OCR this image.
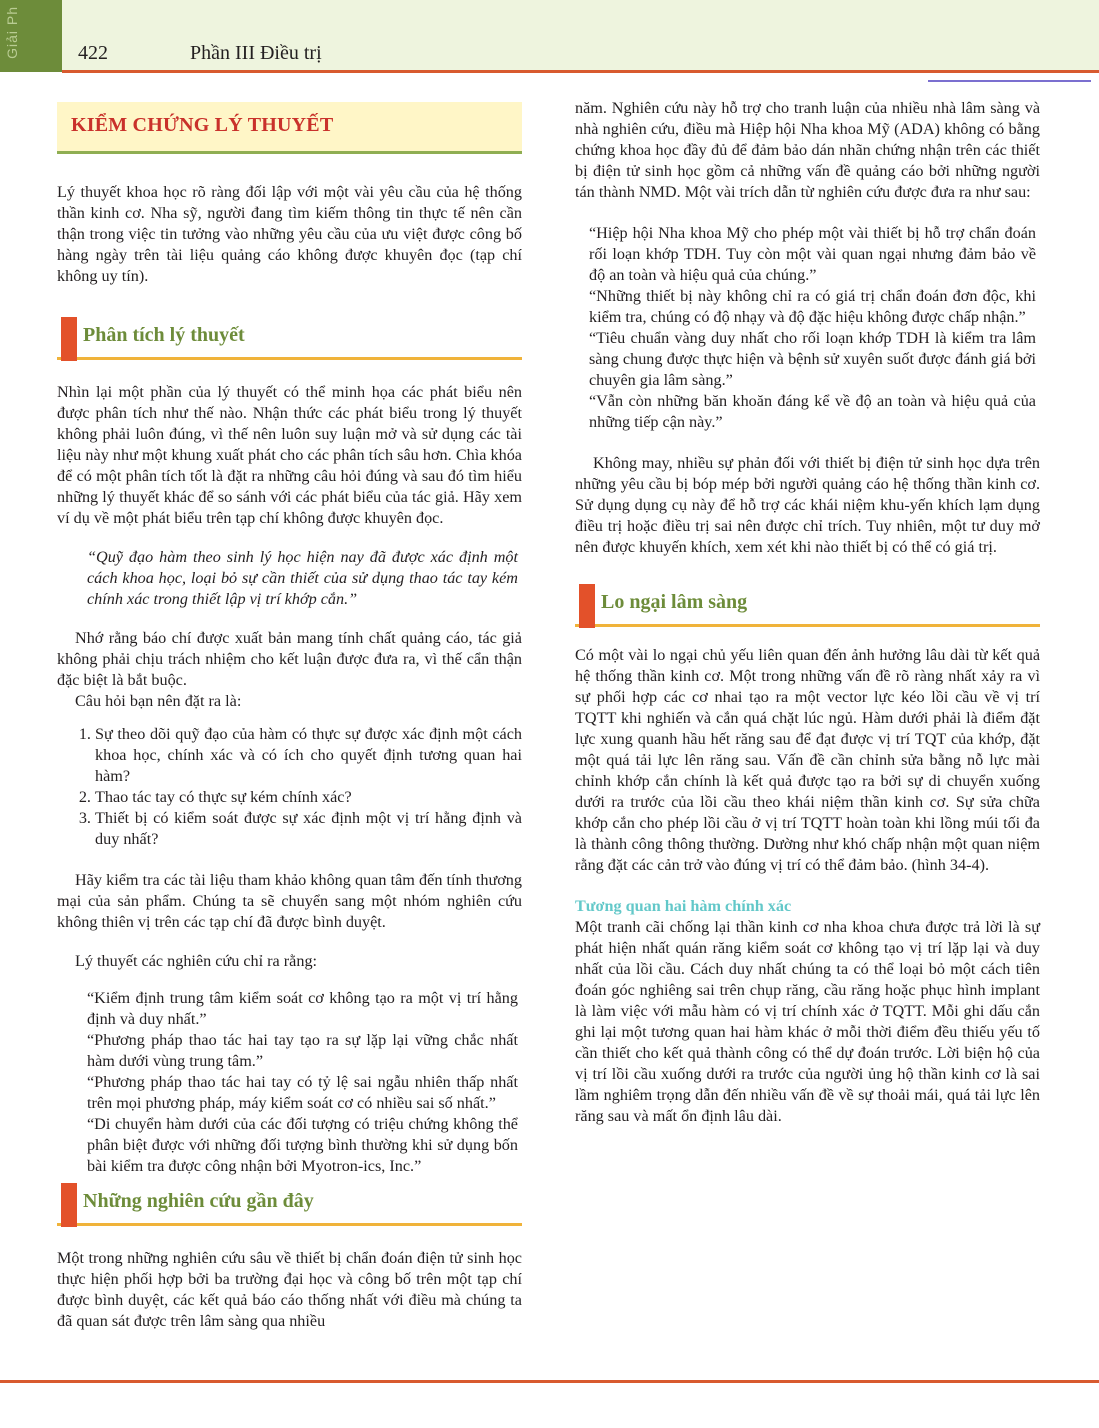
Giải Ph	422	Phần III Điều trị
KIỂM CHỨNG LÝ THUYẾT

Lý thuyết khoa học rõ ràng đối lập với một vài yêu cầu của hệ thống thần kinh cơ. Nha sỹ, người đang tìm kiếm thông tin thực tế nên cần thận trong việc tin tưởng vào những yêu cầu của ưu việt được công bố hàng ngày trên tài liệu quảng cáo không được khuyên đọc (tạp chí không uy tín).

Phân tích lý thuyết

Nhìn lại một phần của lý thuyết có thể minh họa các phát biểu nên được phân tích như thế nào. Nhận thức các phát biểu trong lý thuyết không phải luôn đúng, vì thế nên luôn suy luận mở và sử dụng các tài liệu này như một khung xuất phát cho các phân tích sâu hơn. Chìa khóa để có một phân tích tốt là đặt ra những câu hỏi đúng và sau đó tìm hiểu những lý thuyết khác để so sánh với các phát biểu của tác giả. Hãy xem ví dụ về một phát biểu trên tạp chí không được khuyên đọc.

“Quỹ đạo hàm theo sinh lý học hiện nay đã được xác định một cách khoa học, loại bỏ sự cần thiết của sử dụng thao tác tay kém chính xác trong thiết lập vị trí khớp cắn.”

Nhớ rằng báo chí được xuất bản mang tính chất quảng cáo, tác giả không phải chịu trách nhiệm cho kết luận được đưa ra, vì thế cẩn thận đặc biệt là bắt buộc.

Câu hỏi bạn nên đặt ra là:

1. Sự theo dõi quỹ đạo của hàm có thực sự được xác định một cách khoa học, chính xác và có ích cho quyết định tương quan hai hàm?
2. Thao tác tay có thực sự kém chính xác?
3. Thiết bị có kiểm soát được sự xác định một vị trí hằng định và duy nhất?

Hãy kiểm tra các tài liệu tham khảo không quan tâm đến tính thương mại của sản phẩm. Chúng ta sẽ chuyển sang một nhóm nghiên cứu không thiên vị trên các tạp chí đã được bình duyệt.

Lý thuyết các nghiên cứu chỉ ra rằng:

“Kiểm định trung tâm kiểm soát cơ không tạo ra một vị trí hằng định và duy nhất.”

“Phương pháp thao tác hai tay tạo ra sự lặp lại vững chắc nhất hàm dưới vùng trung tâm.”

“Phương pháp thao tác hai tay có tỷ lệ sai ngẫu nhiên thấp nhất trên mọi phương pháp, máy kiểm soát cơ có nhiều sai số nhất.”

“Di chuyển hàm dưới của các đối tượng có triệu chứng không thể phân biệt được với những đối tượng bình thường khi sử dụng bốn bài kiểm tra được công nhận bởi Myotron-ics, Inc.”

Những nghiên cứu gần đây

Một trong những nghiên cứu sâu về thiết bị chẩn đoán điện tử sinh học thực hiện phối hợp bởi ba trường đại học và công bố trên một tạp chí được bình duyệt, các kết quả báo cáo thống nhất với điều mà chúng ta đã quan sát được trên lâm sàng qua nhiều

năm. Nghiên cứu này hỗ trợ cho tranh luận của nhiều nhà lâm sàng và nhà nghiên cứu, điều mà Hiệp hội Nha khoa Mỹ (ADA) không có bằng chứng khoa học đầy đủ để đảm bảo dán nhãn chứng nhận trên các thiết bị điện tử sinh học gồm cả những vấn đề quảng cáo bởi những người tán thành NMD. Một vài trích dẫn từ nghiên cứu được đưa ra như sau:

“Hiệp hội Nha khoa Mỹ cho phép một vài thiết bị hỗ trợ chẩn đoán rối loạn khớp TDH. Tuy còn một vài quan ngại nhưng đảm bảo về độ an toàn và hiệu quả của chúng.”

“Những thiết bị này không chỉ ra có giá trị chẩn đoán đơn độc, khi kiểm tra, chúng có độ nhạy và độ đặc hiệu không được chấp nhận.”

“Tiêu chuẩn vàng duy nhất cho rối loạn khớp TDH là kiểm tra lâm sàng chung được thực hiện và bệnh sử xuyên suốt được đánh giá bởi chuyên gia lâm sàng.”

“Vẫn còn những băn khoăn đáng kể về độ an toàn và hiệu quả của những tiếp cận này.”

Không may, nhiều sự phản đối với thiết bị điện tử sinh học dựa trên những yêu cầu bị bóp mép bởi người quảng cáo hệ thống thần kinh cơ. Sử dụng dụng cụ này để hỗ trợ các khái niệm khu-yến khích lạm dụng điều trị hoặc điều trị sai nên được chỉ trích. Tuy nhiên, một tư duy mở nên được khuyến khích, xem xét khi nào thiết bị có thể có giá trị.

Lo ngại lâm sàng

Có một vài lo ngại chủ yếu liên quan đến ảnh hưởng lâu dài từ kết quả hệ thống thần kinh cơ. Một trong những vấn đề rõ ràng nhất xảy ra vì sự phối hợp các cơ nhai tạo ra một vector lực kéo lồi cầu về vị trí TQTT khi nghiến và cắn quá chặt lúc ngủ. Hàm dưới phải là điểm đặt lực xung quanh hầu hết răng sau để đạt được vị trí TQT của khớp, đặt một quá tải lực lên răng sau. Vấn đề cần chỉnh sửa bằng nỗ lực mài chỉnh khớp cắn chính là kết quả được tạo ra bởi sự di chuyển xuống dưới ra trước của lồi cầu theo khái niệm thần kinh cơ. Sự sửa chữa khớp cắn cho phép lồi cầu ở vị trí TQTT hoàn toàn khi lồng múi tối đa là thành công thông thường. Dường như khó chấp nhận một quan niệm rằng đặt các cản trở vào đúng vị trí có thể đảm bảo. (hình 34-4).

Tương quan hai hàm chính xác

Một tranh cãi chống lại thần kinh cơ nha khoa chưa được trả lời là sự phát hiện nhất quán răng kiểm soát cơ không tạo vị trí lặp lại và duy nhất của lồi cầu. Cách duy nhất chúng ta có thể loại bỏ một cách tiên đoán góc nghiêng sai trên chụp răng, cầu răng hoặc phục hình implant là làm việc với mẫu hàm có vị trí chính xác ở TQTT. Mỗi ghi dấu cắn ghi lại một tương quan hai hàm khác ở mỗi thời điểm đều thiếu yếu tố cần thiết cho kết quả thành công có thể dự đoán trước. Lời biện hộ của vị trí lồi cầu xuống dưới ra trước của người ủng hộ thần kinh cơ là sai lầm nghiêm trọng dẫn đến nhiều vấn đề về sự thoải mái, quá tải lực lên răng sau và mất ổn định lâu dài.
